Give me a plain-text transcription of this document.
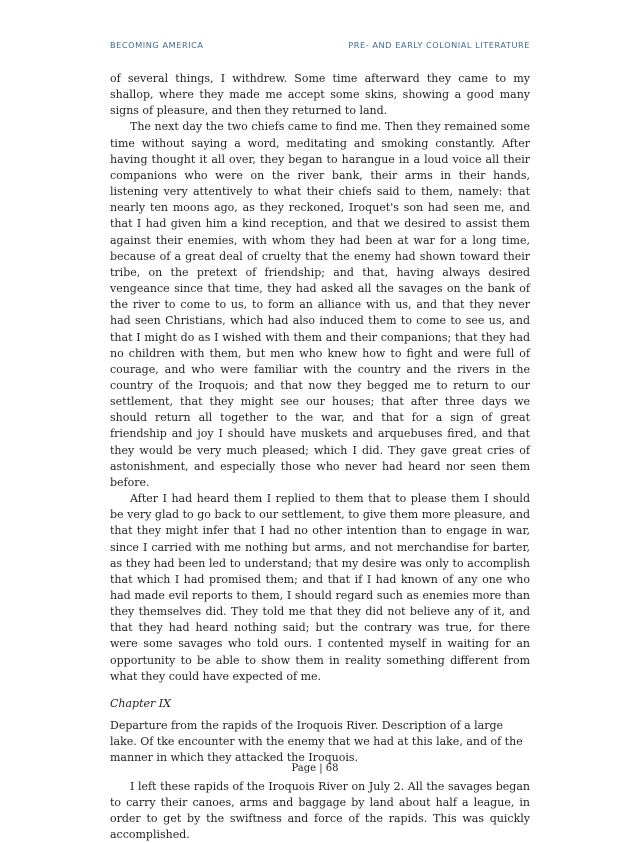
BECOMING AMERICA	PRE- AND EARLY COLONIAL LITERATURE

of several things, I withdrew. Some time afterward they came to my shallop, where they made me accept some skins, showing a good many signs of pleasure, and then they returned to land.

The next day the two chiefs came to find me. Then they remained some time without saying a word, meditating and smoking constantly. After having thought it all over, they began to harangue in a loud voice all their companions who were on the river bank, their arms in their hands, listening very attentively to what their chiefs said to them, namely: that nearly ten moons ago, as they reckoned, Iroquet's son had seen me, and that I had given him a kind reception, and that we desired to assist them against their enemies, with whom they had been at war for a long time, because of a great deal of cruelty that the enemy had shown toward their tribe, on the pretext of friendship; and that, having always desired vengeance since that time, they had asked all the savages on the bank of the river to come to us, to form an alliance with us, and that they never had seen Christians, which had also induced them to come to see us, and that I might do as I wished with them and their companions; that they had no children with them, but men who knew how to fight and were full of courage, and who were familiar with the country and the rivers in the country of the Iroquois; and that now they begged me to return to our settlement, that they might see our houses; that after three days we should return all together to the war, and that for a sign of great friendship and joy I should have muskets and arquebuses fired, and that they would be very much pleased; which I did. They gave great cries of astonishment, and especially those who never had heard nor seen them before.

After I had heard them I replied to them that to please them I should be very glad to go back to our settlement, to give them more pleasure, and that they might infer that I had no other intention than to engage in war, since I carried with me nothing but arms, and not merchandise for barter, as they had been led to understand; that my desire was only to accomplish that which I had promised them; and that if I had known of any one who had made evil reports to them, I should regard such as enemies more than they themselves did. They told me that they did not believe any of it, and that they had heard nothing said; but the contrary was true, for there were some savages who told ours. I contented myself in waiting for an opportunity to be able to show them in reality something different from what they could have expected of me.

Chapter IX

Departure from the rapids of the Iroquois River. Description of a large lake. Of tke encounter with the enemy that we had at this lake, and of the manner in which they attacked the Iroquois.

I left these rapids of the Iroquois River on July 2. All the savages began to carry their canoes, arms and baggage by land about half a league, in order to get by the swiftness and force of the rapids. This was quickly accomplished.

Page | 68
